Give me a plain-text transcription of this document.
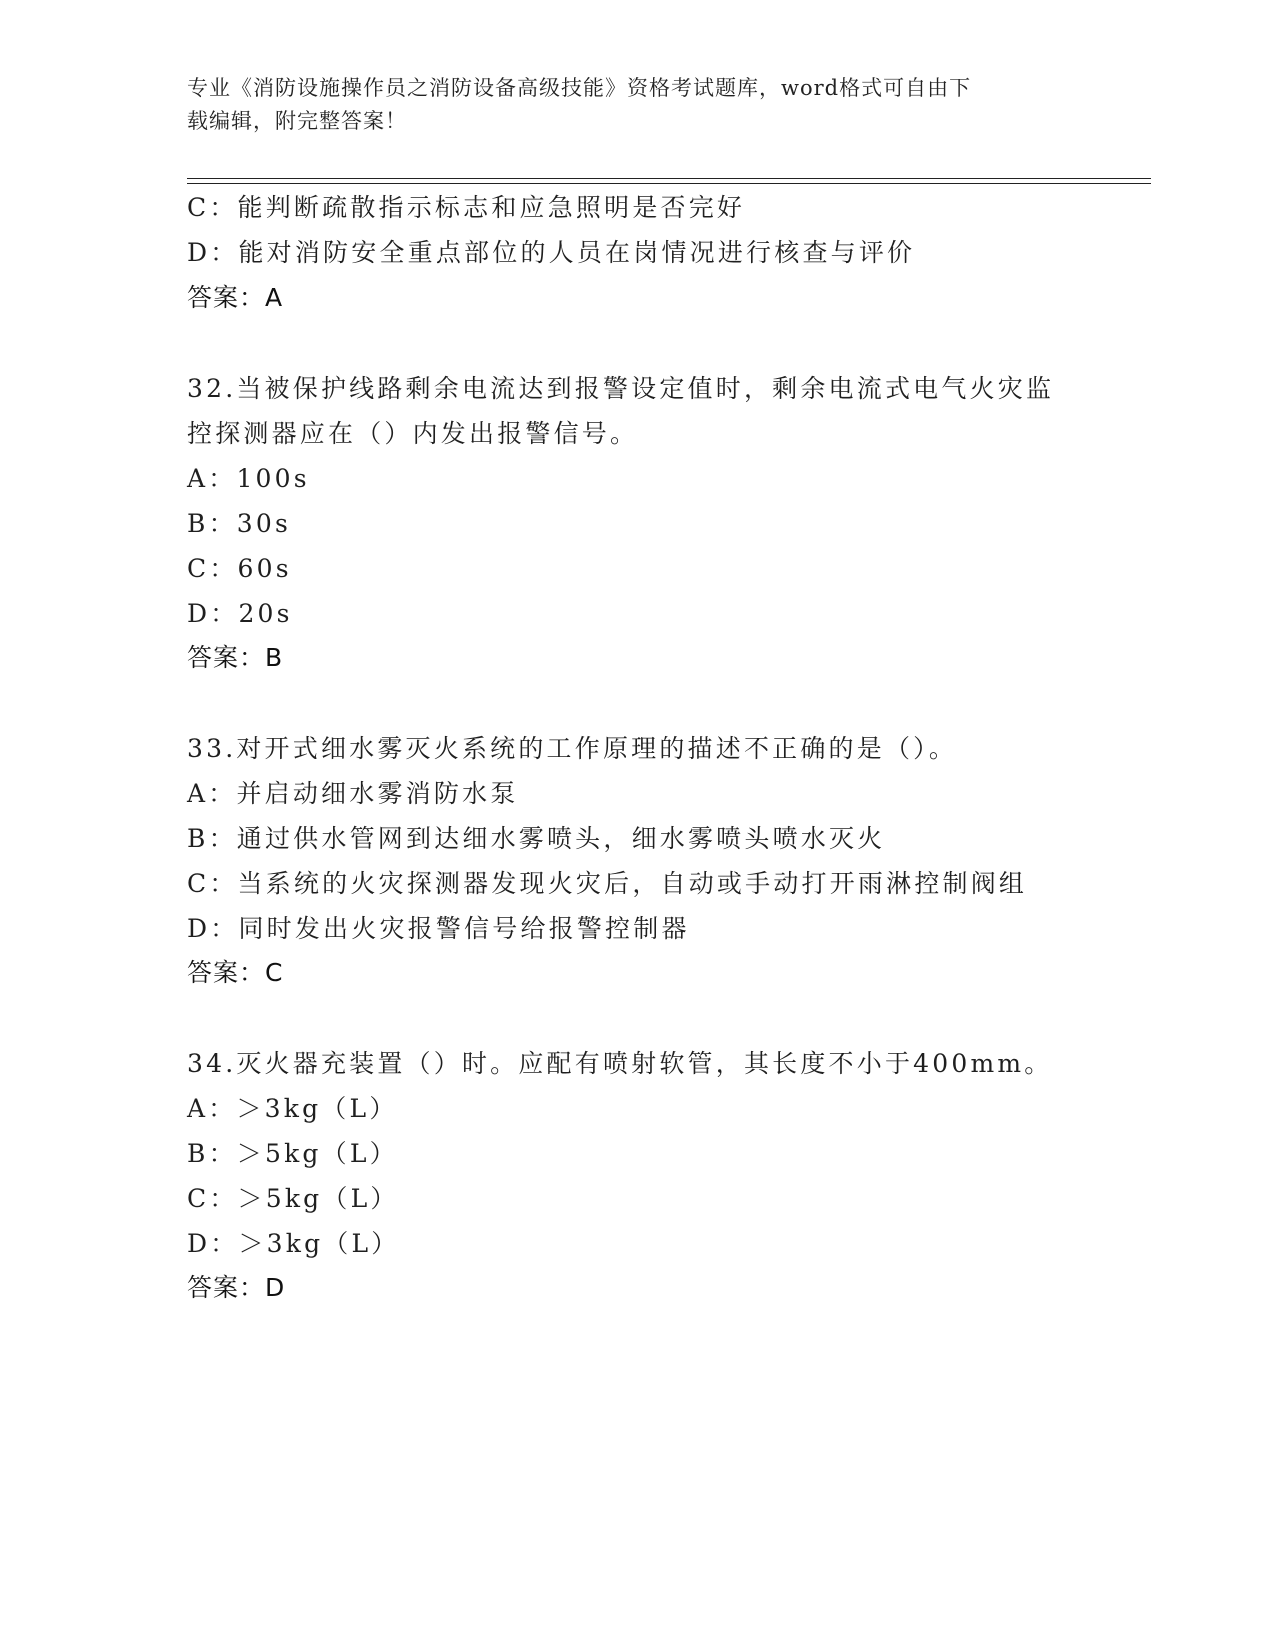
专业《消防设施操作员之消防设备高级技能》资格考试题库，word格式可自由下
载编辑，附完整答案！
C：能判断疏散指示标志和应急照明是否完好
D：能对消防安全重点部位的人员在岗情况进行核查与评价
答案：A
32.当被保护线路剩余电流达到报警设定值时，剩余电流式电气火灾监
控探测器应在（）内发出报警信号。
A：100s
B：30s
C：60s
D：20s
答案：B
33.对开式细水雾灭火系统的工作原理的描述不正确的是（）。
A：并启动细水雾消防水泵
B：通过供水管网到达细水雾喷头，细水雾喷头喷水灭火
C：当系统的火灾探测器发现火灾后，自动或手动打开雨淋控制阀组
D：同时发出火灾报警信号给报警控制器
答案：C
34.灭火器充装置（）时。应配有喷射软管，其长度不小于400mm。
A：＞3kg（L）
B：＞5kg（L）
C：＞5kg（L）
D：＞3kg（L）
答案：D
